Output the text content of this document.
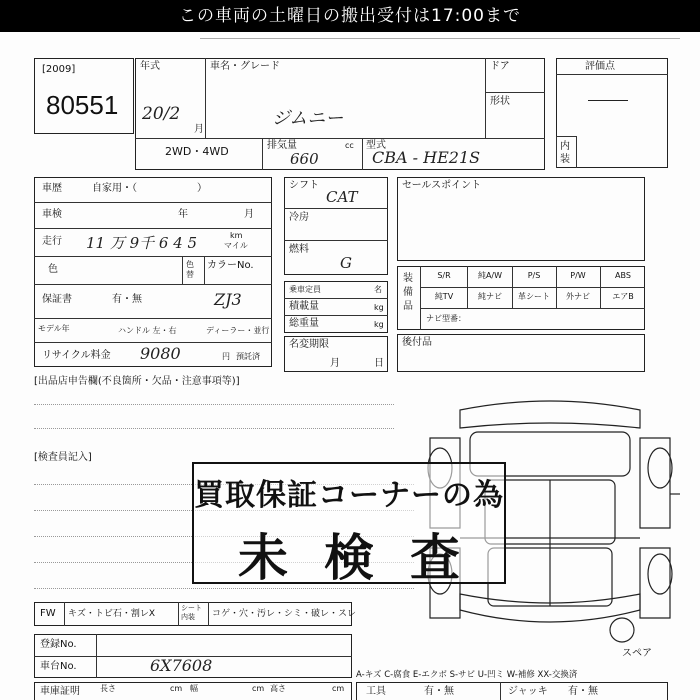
この車両の土曜日の搬出受付は17:00まで
[2009]
80551
年式	車名・グレード	ドア
形状
20/2
月
ジムニー
2WD・4WD	排気量	cc
660
型式
CBA - HE21S
評価点
内装
車歴	自家用・（　　　　　　）
車検	年	月
走行 11 万 9千 6 4 5	km
マイル
色	色替
カラーNo.
保証書	有・無	ZJ3
モデル年	ハンドル 左・右	ディーラー・並行
リサイクル料金 9080	円 預託済
シフト
CAT
冷房
燃料
G
乗車定員	名
積載量	kg
総重量	kg
名変期限
月	日
セールスポイント
装備品
S/R	純A/W	P/S	P/W	ABS
純TV	純ナビ	革シート	外ナビ	エアB
ナビ型番：
後付品
[出品店申告欄(不良箇所・欠品・注意事項等)]
[検査員記入]
スペア
買取保証コーナーの為
未検査
FW キズ・トビ石・割レX
シート内装	コゲ・穴・汚レ・シミ・破レ・スレ
登録No.
車台No.	6X7608
車庫証明	長さ	cm 幅	cm 高さ	cm
A-キズ C-腐食 E-エクボ S-サビ U-凹ミ W-補修 XX-交換済
工具	有・無	ジャッキ 有・無
